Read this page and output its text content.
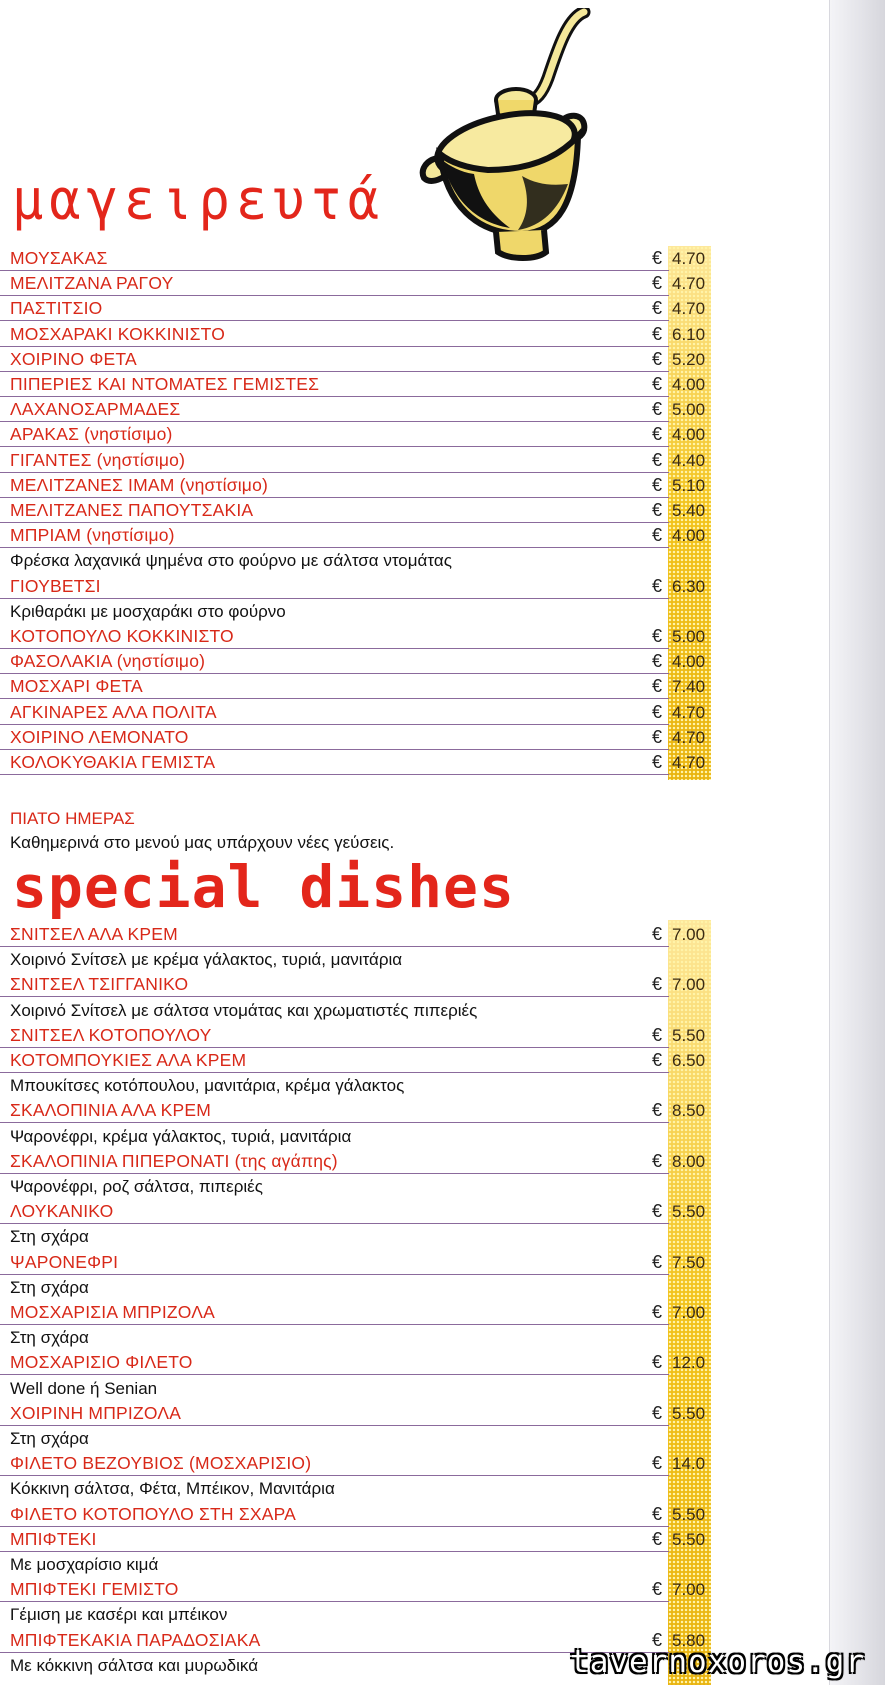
μαγειρευτά
ΜΟΥΣΑΚΑΣ	€ 4.70
ΜΕΛΙΤΖΑΝΑ ΡΑΓΟΥ	€ 4.70
ΠΑΣΤΙΤΣΙΟ	€ 4.70
ΜΟΣΧΑΡΑΚΙ ΚΟΚΚΙΝΙΣΤΟ	€ 6.10
ΧΟΙΡΙΝΟ ΦΕΤΑ	€ 5.20
ΠΙΠΕΡΙΕΣ ΚΑΙ ΝΤΟΜΑΤΕΣ ΓΕΜΙΣΤΕΣ	€ 4.00
ΛΑΧΑΝΟΣΑΡΜΑΔΕΣ	€ 5.00
ΑΡΑΚΑΣ (νηστίσιμο)	€ 4.00
ΓΙΓΑΝΤΕΣ (νηστίσιμο)	€ 4.40
ΜΕΛΙΤΖΑΝΕΣ ΙΜΑΜ (νηστίσιμο)	€ 5.10
ΜΕΛΙΤΖΑΝΕΣ ΠΑΠΟΥΤΣΑΚΙΑ	€ 5.40
ΜΠΡΙΑΜ (νηστίσιμο)	€ 4.00
Φρέσκα λαχανικά ψημένα στο φούρνο με σάλτσα ντομάτας
ΓΙΟΥΒΕΤΣΙ	€ 6.30
Κριθαράκι με μοσχαράκι στο φούρνο
ΚΟΤΟΠΟΥΛΟ ΚΟΚΚΙΝΙΣΤΟ	€ 5.00
ΦΑΣΟΛΑΚΙΑ (νηστίσιμο)	€ 4.00
ΜΟΣΧΑΡΙ ΦΕΤΑ	€ 7.40
ΑΓΚΙΝΑΡΕΣ ΑΛΑ ΠΟΛΙΤΑ	€ 4.70
ΧΟΙΡΙΝΟ ΛΕΜΟΝΑΤΟ	€ 4.70
ΚΟΛΟΚΥΘΑΚΙΑ ΓΕΜΙΣΤΑ	€ 4.70
ΠΙΑΤΟ ΗΜΕΡΑΣ
Καθημερινά στο μενού μας υπάρχουν νέες γεύσεις.
special dishes
ΣΝΙΤΣΕΛ ΑΛΑ ΚΡΕΜ	€ 7.00
Χοιρινό Σνίτσελ με κρέμα γάλακτος, τυριά, μανιτάρια
ΣΝΙΤΣΕΛ ΤΣΙΓΓΑΝΙΚΟ	€ 7.00
Χοιρινό Σνίτσελ με σάλτσα ντομάτας και χρωματιστές πιπεριές
ΣΝΙΤΣΕΛ ΚΟΤΟΠΟΥΛΟΥ	€ 5.50
ΚΟΤΟΜΠΟΥΚΙΕΣ ΑΛΑ ΚΡΕΜ	€ 6.50
Μπουκίτσες κοτόπουλου, μανιτάρια, κρέμα γάλακτος
ΣΚΑΛΟΠΙΝΙΑ ΑΛΑ ΚΡΕΜ	€ 8.50
Ψαρονέφρι, κρέμα γάλακτος, τυριά, μανιτάρια
ΣΚΑΛΟΠΙΝΙΑ ΠΙΠΕΡΟΝΑΤΙ (της αγάπης)	€ 8.00
Ψαρονέφρι, ροζ σάλτσα, πιπεριές
ΛΟΥΚΑΝΙΚΟ	€ 5.50
Στη σχάρα
ΨΑΡΟΝΕΦΡΙ	€ 7.50
Στη σχάρα
ΜΟΣΧΑΡΙΣΙΑ ΜΠΡΙΖΟΛΑ	€ 7.00
Στη σχάρα
ΜΟΣΧΑΡΙΣΙΟ ΦΙΛΕΤΟ	€ 12.0
Well done ή Senian
ΧΟΙΡΙΝΗ ΜΠΡΙΖΟΛΑ	€ 5.50
Στη σχάρα
ΦΙΛΕΤΟ ΒΕΖΟΥΒΙΟΣ (ΜΟΣΧΑΡΙΣΙΟ)	€ 14.0
Κόκκινη σάλτσα, Φέτα, Μπέικον, Μανιτάρια
ΦΙΛΕΤΟ ΚΟΤΟΠΟΥΛΟ ΣΤΗ ΣΧΑΡΑ	€ 5.50
ΜΠΙΦΤΕΚΙ	€ 5.50
Με μοσχαρίσιο κιμά
ΜΠΙΦΤΕΚΙ ΓΕΜΙΣΤΟ	€ 7.00
Γέμιση με κασέρι και μπέικον
ΜΠΙΦΤΕΚΑΚΙΑ ΠΑΡΑΔΟΣΙΑΚΑ	€ 5.80
Με κόκκινη σάλτσα και μυρωδικά	tavernoxoros.gr
